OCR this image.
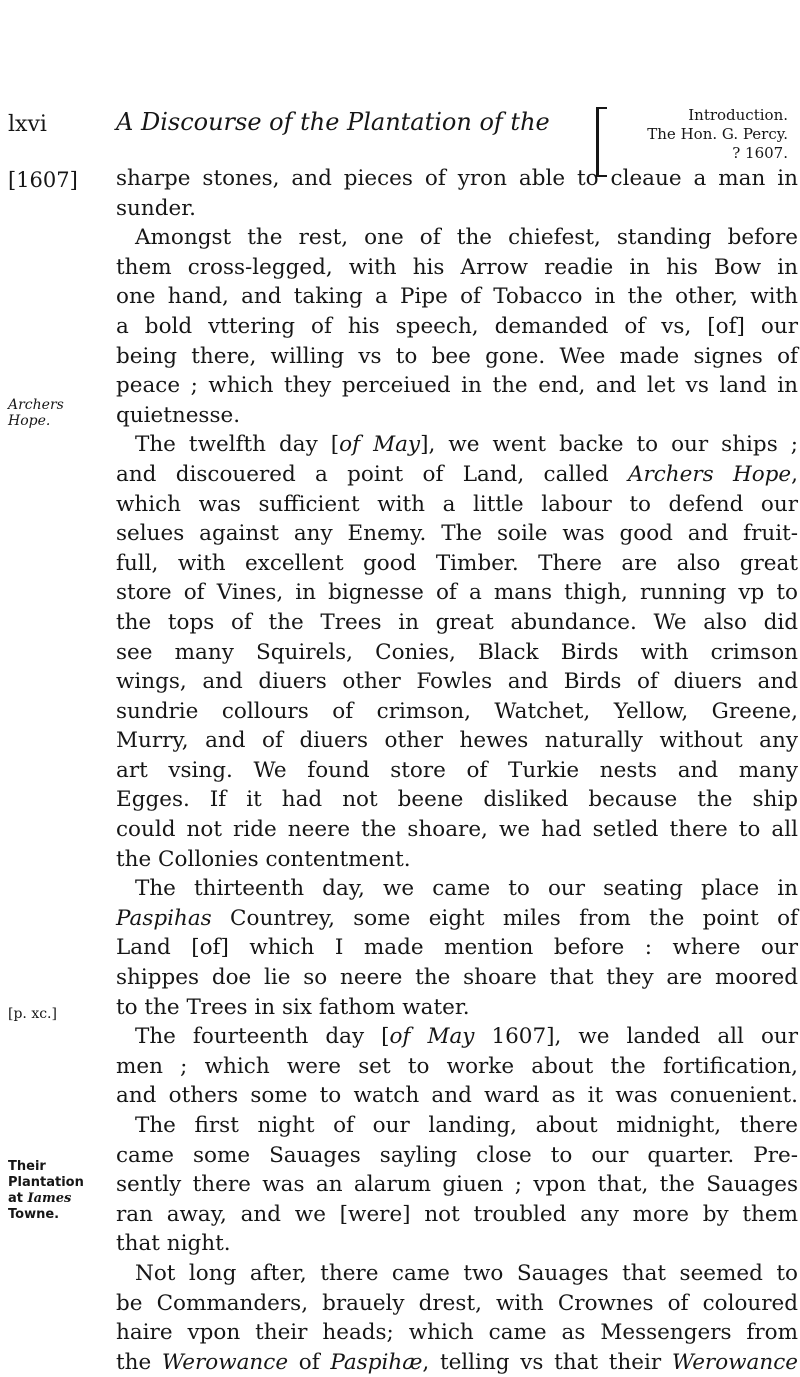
lxvi	A Discourse of the Plantation of the	Introduction.
The Hon. G. Percy.
? 1607.
[1607]
Archers
Hope.
[p. xc.]
Their
Plantation
at Iames
Towne.
sharpe stones, and pieces of yron able to cleaue a man in
sunder.
Amongst the rest, one of the chiefest, standing before
them cross-legged, with his Arrow readie in his Bow in
one hand, and taking a Pipe of Tobacco in the other, with
a bold vttering of his speech, demanded of vs, [of] our
being there, willing vs to bee gone. Wee made signes of
peace ; which they perceiued in the end, and let vs land in
quietnesse.
The twelfth day [of May], we went backe to our ships ;
and discouered a point of Land, called Archers Hope,
which was sufficient with a little labour to defend our
selues against any Enemy. The soile was good and fruit-
full, with excellent good Timber. There are also great
store of Vines, in bignesse of a mans thigh, running vp to
the tops of the Trees in great abundance. We also did
see many Squirels, Conies, Black Birds with crimson
wings, and diuers other Fowles and Birds of diuers and
sundrie collours of crimson, Watchet, Yellow, Greene,
Murry, and of diuers other hewes naturally without any
art vsing. We found store of Turkie nests and many
Egges. If it had not beene disliked because the ship
could not ride neere the shoare, we had setled there to all
the Collonies contentment.
The thirteenth day, we came to our seating place in
Paspihas Countrey, some eight miles from the point of
Land [of] which I made mention before : where our
shippes doe lie so neere the shoare that they are moored
to the Trees in six fathom water.
The fourteenth day [of May 1607], we landed all our
men ; which were set to worke about the fortification,
and others some to watch and ward as it was conuenient.
The first night of our landing, about midnight, there
came some Sauages sayling close to our quarter. Pre-
sently there was an alarum giuen ; vpon that, the Sauages
ran away, and we [were] not troubled any more by them
that night.
Not long after, there came two Sauages that seemed to
be Commanders, brauely drest, with Crownes of coloured
haire vpon their heads; which came as Messengers from
the Werowance of Paspihæ, telling vs that their Werowance
